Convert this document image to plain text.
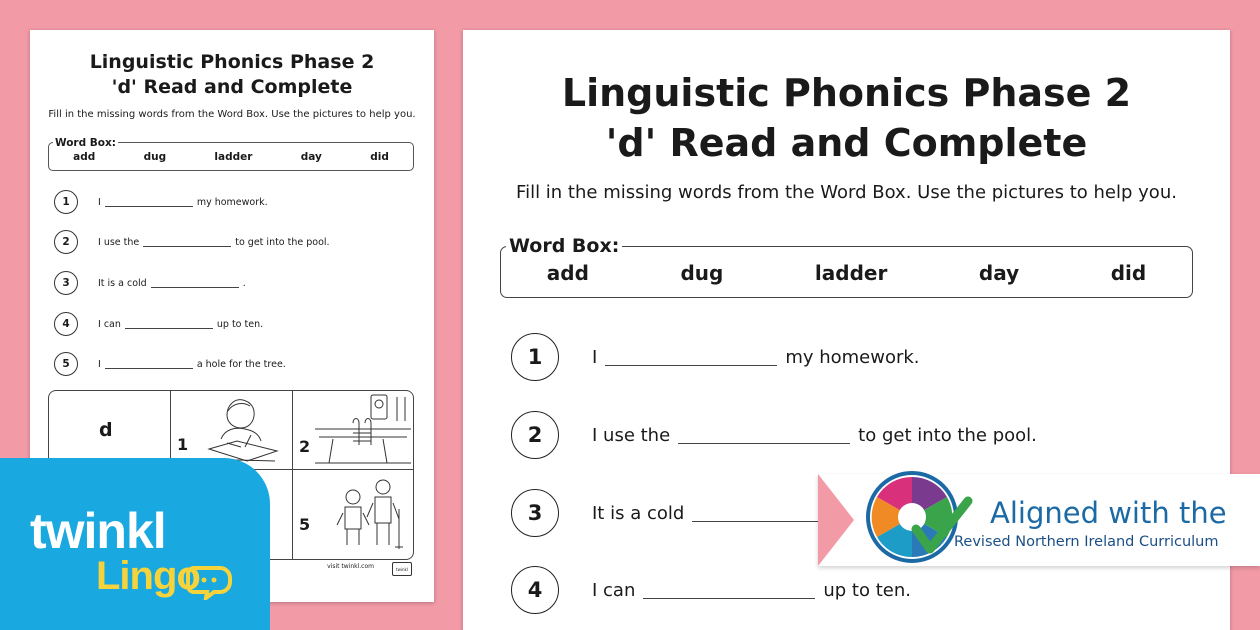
Linguistic Phonics Phase 2
'd' Read and Complete
Fill in the missing words from the Word Box. Use the pictures to help you.
Word Box:
add	dug	ladder	day	did
1	I	my homework.
2	I use the	to get into the pool.
3	It is a cold	.
4	I can	up to ten.
5	I	a hole for the tree.
d
1	2
5
visit twinkl.com	twinkl
Linguistic Phonics Phase 2
'd' Read and Complete
Fill in the missing words from the Word Box. Use the pictures to help you.
Word Box:
add	dug	ladder	day	did
1	I	my homework.
2	I use the	to get into the pool.
3	It is a cold
4	I can	up to ten.
Aligned with the
Revised Northern Ireland Curriculum
twinkl
Lingo
